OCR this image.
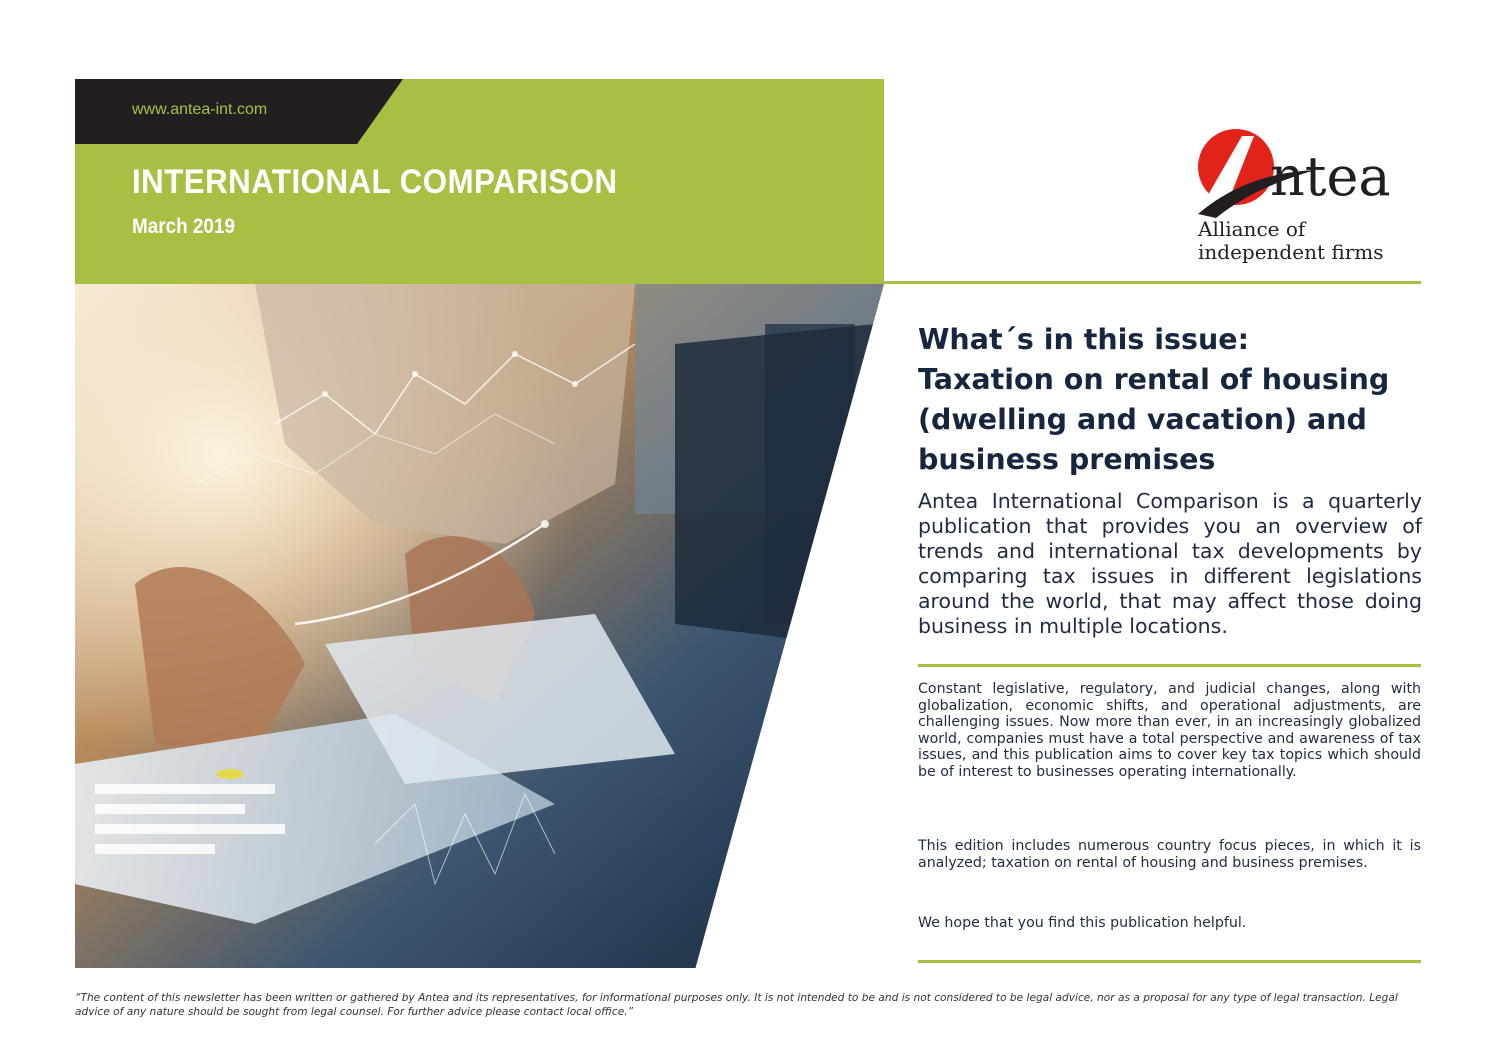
www.antea-int.com
INTERNATIONAL COMPARISON
March 2019
ntea
Alliance of
independent firms
What´s in this issue:
Taxation on rental of housing
(dwelling and vacation) and
business premises
Antea International Comparison is a quarterly publication that provides you an overview of trends and international tax developments by comparing tax issues in different legislations around the world, that may affect those doing business in multiple locations.
Constant legislative, regulatory, and judicial changes, along with globalization, economic shifts, and operational adjustments, are challenging issues. Now more than ever, in an increasingly globalized world, companies must have a total perspective and awareness of tax issues, and this publication aims to cover key tax topics which should be of interest to businesses operating internationally.
This edition includes numerous country focus pieces, in which it is analyzed; taxation on rental of housing and business premises.
We hope that you find this publication helpful.
“The content of this newsletter has been written or gathered by Antea and its representatives, for informational purposes only. It is not intended to be and is not considered to be legal advice, nor as a proposal for any type of legal transaction. Legal advice of any nature should be sought from legal counsel. For further advice please contact local office.”
